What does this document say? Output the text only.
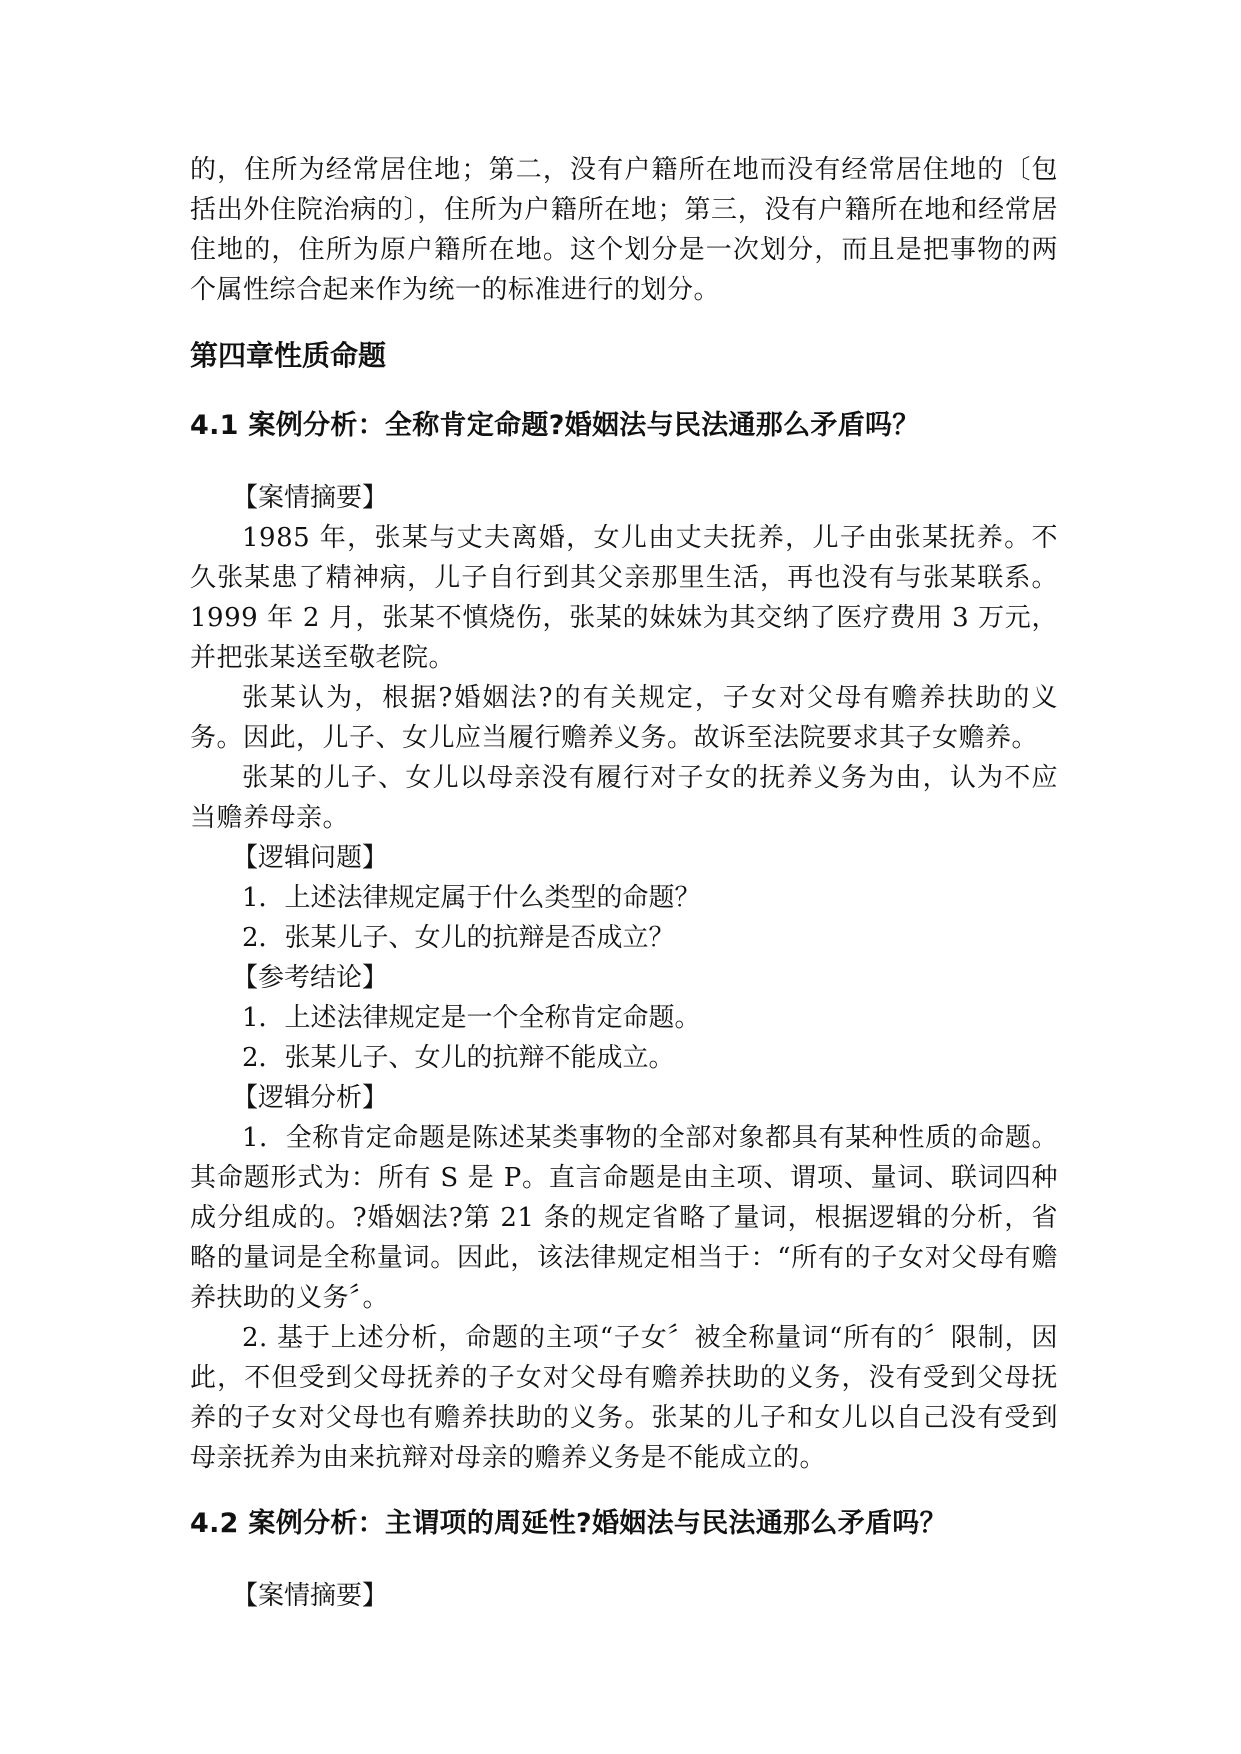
的，住所为经常居住地；第二，没有户籍所在地而没有经常居住地的〔包括出外住院治病的〕，住所为户籍所在地；第三，没有户籍所在地和经常居住地的，住所为原户籍所在地。这个划分是一次划分，而且是把事物的两个属性综合起来作为统一的标准进行的划分。

第四章性质命题
4.1 案例分析：全称肯定命题?婚姻法与民法通那么矛盾吗？

【案情摘要】

1985 年，张某与丈夫离婚，女儿由丈夫抚养，儿子由张某抚养。不久张某患了精神病，儿子自行到其父亲那里生活，再也没有与张某联系。1999 年 2 月，张某不慎烧伤，张某的妹妹为其交纳了医疗费用 3 万元，并把张某送至敬老院。

张某认为，根据?婚姻法?的有关规定，子女对父母有赡养扶助的义务。因此，儿子、女儿应当履行赡养义务。故诉至法院要求其子女赡养。

张某的儿子、女儿以母亲没有履行对子女的抚养义务为由，认为不应当赡养母亲。

【逻辑问题】

1．上述法律规定属于什么类型的命题？

2．张某儿子、女儿的抗辩是否成立？

【参考结论】

1．上述法律规定是一个全称肯定命题。

2．张某儿子、女儿的抗辩不能成立。

【逻辑分析】

1．全称肯定命题是陈述某类事物的全部对象都具有某种性质的命题。其命题形式为：所有 S 是 P。直言命题是由主项、谓项、量词、联词四种成分组成的。?婚姻法?第 21 条的规定省略了量词，根据逻辑的分析，省略的量词是全称量词。因此，该法律规定相当于：“所有的子女对父母有赡养扶助的义务〞。

2. 基于上述分析，命题的主项“子女〞被全称量词“所有的〞限制，因此，不但受到父母抚养的子女对父母有赡养扶助的义务，没有受到父母抚养的子女对父母也有赡养扶助的义务。张某的儿子和女儿以自己没有受到母亲抚养为由来抗辩对母亲的赡养义务是不能成立的。

4.2 案例分析：主谓项的周延性?婚姻法与民法通那么矛盾吗？

【案情摘要】
